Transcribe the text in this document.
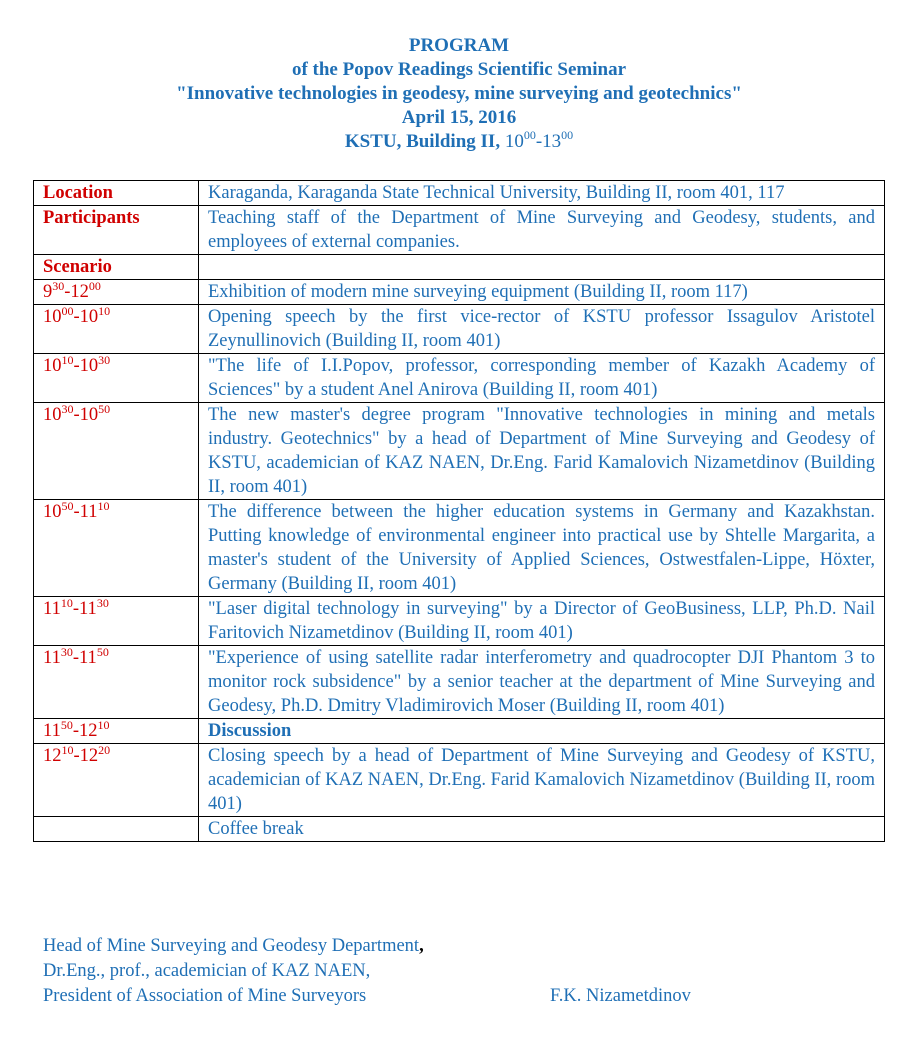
PROGRAM
of the Popov Readings Scientific Seminar
"Innovative technologies in geodesy, mine surveying and geotechnics"
April 15, 2016
KSTU, Building II, $10^{00}-13^{00}$
Location	Karaganda, Karaganda State Technical University, Building II, room 401, 117
Participants	Teaching staff of the Department of Mine Surveying and Geodesy, students, and employees of external companies.
Scenario	
$9^{30}-12^{00}$	Exhibition of modern mine surveying equipment (Building II, room 117)
$10^{00}-10^{10}$	Opening speech by the first vice-rector of KSTU professor Issagulov Aristotel Zeynullinovich (Building II, room 401)
$10^{10}-10^{30}$	"The life of I.I.Popov, professor, corresponding member of Kazakh Academy of Sciences" by a student Anel Anirova (Building II, room 401)
$10^{30}-10^{50}$	The new master's degree program "Innovative technologies in mining and metals industry. Geotechnics" by a head of Department of Mine Surveying and Geodesy of KSTU, academician of KAZ NAEN, Dr.Eng. Farid Kamalovich Nizametdinov (Building II, room 401)
$10^{50}-11^{10}$	The difference between the higher education systems in Germany and Kazakhstan. Putting knowledge of environmental engineer into practical use by Shtelle Margarita, a master's student of the University of Applied Sciences, Ostwestfalen-Lippe, Höxter, Germany (Building II, room 401)
$11^{10}-11^{30}$	"Laser digital technology in surveying" by a Director of GeoBusiness, LLP, Ph.D. Nail Faritovich Nizametdinov (Building II, room 401)
$11^{30}-11^{50}$	"Experience of using satellite radar interferometry and quadrocopter DJI Phantom 3 to monitor rock subsidence" by a senior teacher at the department of Mine Surveying and Geodesy, Ph.D. Dmitry Vladimirovich Moser (Building II, room 401)
$11^{50}-12^{10}$	Discussion
$12^{10}-12^{20}$	Closing speech by a head of Department of Mine Surveying and Geodesy of KSTU, academician of KAZ NAEN, Dr.Eng. Farid Kamalovich Nizametdinov (Building II, room 401)
	Coffee break
Head of Mine Surveying and Geodesy Department,
Dr.Eng., prof., academician of KAZ NAEN,
President of Association of Mine Surveyors	F.K. Nizametdinov
